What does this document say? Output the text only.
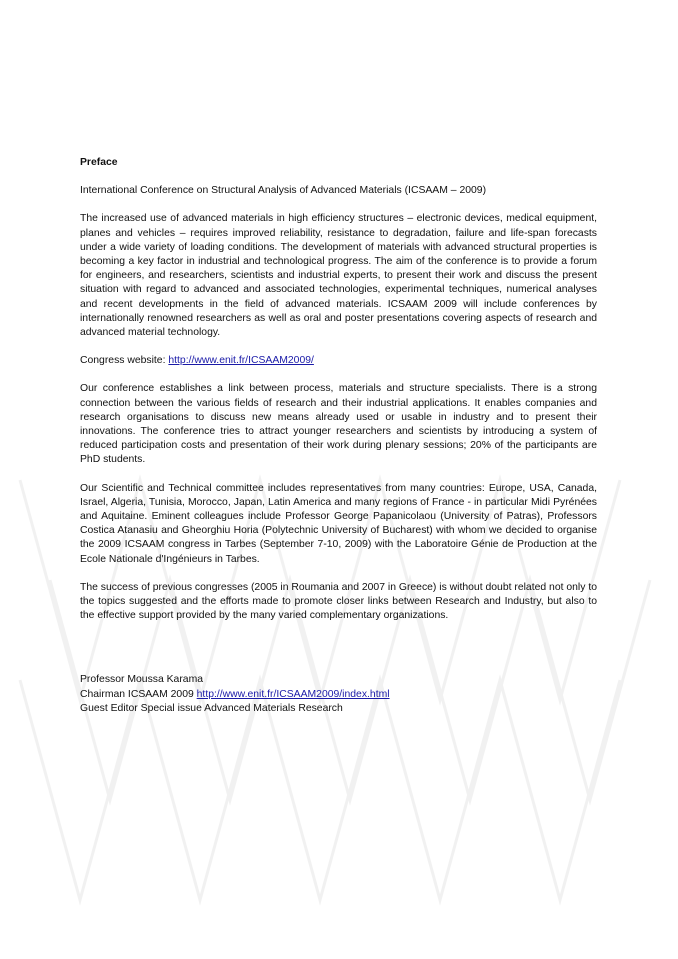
Preface
International Conference on Structural Analysis of Advanced Materials (ICSAAM – 2009)
The increased use of advanced materials in high efficiency structures – electronic devices, medical equipment, planes and vehicles – requires improved reliability, resistance to degradation, failure and life-span forecasts under a wide variety of loading conditions. The development of materials with advanced structural properties is becoming a key factor in industrial and technological progress. The aim of the conference is to provide a forum for engineers, and researchers, scientists and industrial experts, to present their work and discuss the present situation with regard to advanced and associated technologies, experimental techniques, numerical analyses and recent developments in the field of advanced materials. ICSAAM 2009 will include conferences by internationally renowned researchers as well as oral and poster presentations covering aspects of research and advanced material technology.
Congress website: http://www.enit.fr/ICSAAM2009/
Our conference establishes a link between process, materials and structure specialists. There is a strong connection between the various fields of research and their industrial applications. It enables companies and research organisations to discuss new means already used or usable in industry and to present their innovations. The conference tries to attract younger researchers and scientists by introducing a system of reduced participation costs and presentation of their work during plenary sessions; 20% of the participants are PhD students.
Our Scientific and Technical committee includes representatives from many countries: Europe, USA, Canada, Israel, Algeria, Tunisia, Morocco, Japan, Latin America and many regions of France - in particular Midi Pyrénées and Aquitaine. Eminent colleagues include Professor George Papanicolaou (University of Patras), Professors Costica Atanasiu and Gheorghiu Horia (Polytechnic University of Bucharest) with whom we decided to organise the 2009 ICSAAM congress in Tarbes (September 7-10, 2009) with the Laboratoire Génie de Production at the Ecole Nationale d'Ingénieurs in Tarbes.
The success of previous congresses (2005 in Roumania and 2007 in Greece) is without doubt related not only to the topics suggested and the efforts made to promote closer links between Research and Industry, but also to the effective support provided by the many varied complementary organizations.
Professor Moussa Karama
Chairman ICSAAM 2009 http://www.enit.fr/ICSAAM2009/index.html
Guest Editor Special issue Advanced Materials Research
